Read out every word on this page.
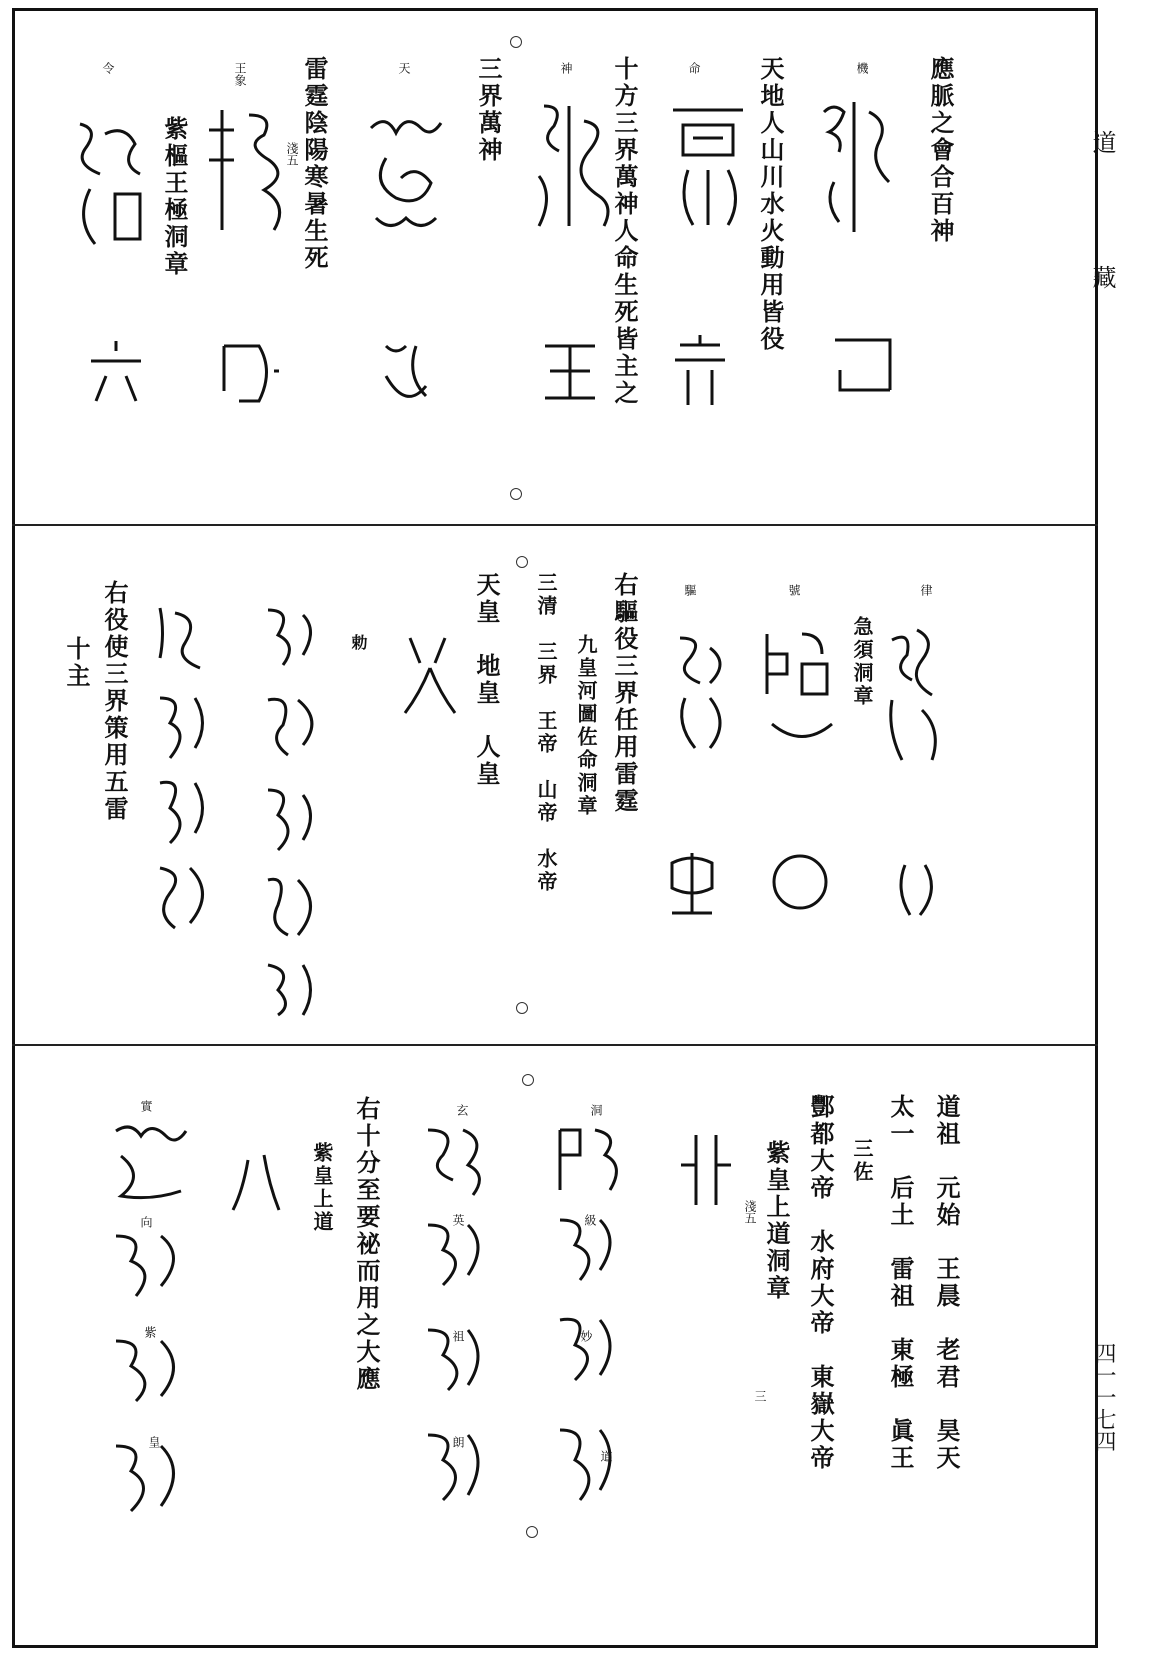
道
藏
四一一七四
應脈之會合百神
天地人山川水火動用皆役
十方三界萬神人命生死皆主之
三界萬神
雷霆陰陽寒暑生死
紫樞王極洞章
機
命
神
天
王象
令
淺五
律
號
驅
勅	急須洞章
右驅役三界任用雷霆
九皇河圖佐命洞章
三清　三界　王帝　山帝　水帝
天皇　地皇　人皇
右役使三界策用五雷
十主
道祖　元始　王晨　老君　昊天
太一　后土　雷祖　東極　眞王
三佐
酆都大帝　水府大帝　東嶽大帝
紫皇上道洞章
右十分至要祕而用之大應
紫皇上道	淺五
三
洞
級
妙
道
玄
英
祖
朗
實
向
紫
皇
